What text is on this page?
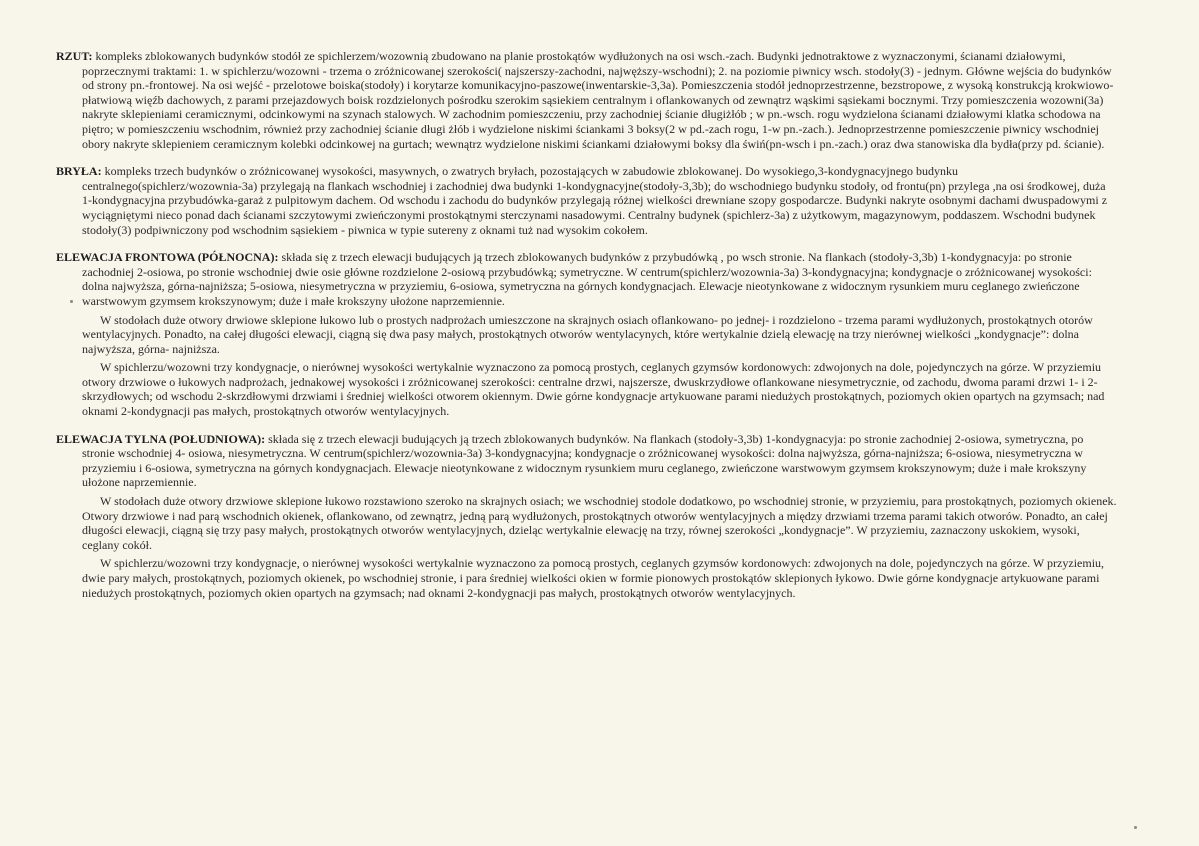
RZUT: kompleks zblokowanych budynków stodół ze spichlerzem/wozownią zbudowano na planie prostokątów wydłużonych na osi wsch.-zach. Budynki jednotraktowe z wyznaczonymi, ścianami działowymi, poprzecznymi traktami: 1. w spichlerzu/wozowni - trzema o zróżnicowanej szerokości( najszerszy-zachodni, najwęższy-wschodni); 2. na poziomie piwnicy wsch. stodoły(3) - jednym. Główne wejścia do budynków od strony pn.-frontowej. Na osi wejść - przelotowe boiska(stodoły) i korytarze komunikacyjno-paszowe(inwentarskie-3,3a). Pomieszczenia stodół jednoprzestrzenne, bezstropowe, z wysoką konstrukcją krokwiowo-płatwiową więźb dachowych, z parami przejazdowych boisk rozdzielonych pośrodku szerokim sąsiekiem centralnym i oflankowanych od zewnątrz wąskimi sąsiekami bocznymi. Trzy pomieszczenia wozowni(3a) nakryte sklepieniami ceramicznymi, odcinkowymi na szynach stalowych. W zachodnim pomieszczeniu, przy zachodniej ścianie długiżłób ; w pn.-wsch. rogu wydzielona ścianami działowymi klatka schodowa na piętro; w pomieszczeniu wschodnim, również przy zachodniej ścianie długi żłób i wydzielone niskimi ściankami 3 boksy(2 w pd.-zach rogu, 1-w pn.-zach.). Jednoprzestrzenne pomieszczenie piwnicy wschodniej obory nakryte sklepieniem ceramicznym kolebki odcinkowej na gurtach; wewnątrz wydzielone niskimi ściankami działowymi boksy dla świń(pn-wsch i pn.-zach.) oraz dwa stanowiska dla bydła(przy pd. ścianie).

BRYŁA: kompleks trzech budynków o zróżnicowanej wysokości, masywnych, o zwatrych bryłach, pozostających w zabudowie zblokowanej. Do wysokiego,3-kondygnacyjnego budynku centralnego(spichlerz/wozownia-3a) przylegają na flankach wschodniej i zachodniej dwa budynki 1-kondygnacyjne(stodoły-3,3b); do wschodniego budynku stodoły, od frontu(pn) przylega ,na osi środkowej, duża 1-kondygnacyjna przybudówka-garaż z pulpitowym dachem. Od wschodu i zachodu do budynków przylegają różnej wielkości drewniane szopy gospodarcze. Budynki nakryte osobnymi dachami dwuspadowymi z wyciągniętymi nieco ponad dach ścianami szczytowymi zwieńczonymi prostokątnymi sterczynami nasadowymi. Centralny budynek (spichlerz-3a) z użytkowym, magazynowym, poddaszem. Wschodni budynek stodoły(3) podpiwniczony pod wschodnim sąsiekiem - piwnica w typie sutereny z oknami tuż nad wysokim cokołem.

ELEWACJA FRONTOWA (PÓŁNOCNA): składa się z trzech elewacji budujących ją trzech zblokowanych budynków z przybudówką , po wsch stronie. Na flankach (stodoły-3,3b) 1-kondygnacyja: po stronie zachodniej 2-osiowa, po stronie wschodniej dwie osie główne rozdzielone 2-osiową przybudówką; symetryczne. W centrum(spichlerz/wozownia-3a) 3-kondygnacyjna; kondygnacje o zróżnicowanej wysokości: dolna najwyższa, górna-najniższa; 5-osiowa, niesymetryczna w przyziemiu, 6-osiowa, symetryczna na górnych kondygnacjach. Elewacje nieotynkowane z widocznym rysunkiem muru ceglanego zwieńczone warstwowym gzymsem krokszynowym; duże i małe krokszyny ułożone naprzemiennie.

W stodołach duże otwory drwiowe sklepione łukowo lub o prostych nadprożach umieszczone na skrajnych osiach oflankowano- po jednej- i rozdzielono - trzema parami wydłużonych, prostokątnych otorów wentylacyjnych. Ponadto, na całej długości elewacji, ciągną się dwa pasy małych, prostokątnych otworów wentylacynych, które wertykalnie dzielą elewację na trzy nierównej wielkości „kondygnacje”: dolna najwyższa, górna- najniższa.

W spichlerzu/wozowni trzy kondygnacje, o nierównej wysokości wertykalnie wyznaczono za pomocą prostych, ceglanych gzymsów kordonowych: zdwojonych na dole, pojedynczych na górze. W przyziemiu otwory drzwiowe o łukowych nadprożach, jednakowej wysokości i zróżnicowanej szerokości: centralne drzwi, najszersze, dwuskrzydłowe oflankowane niesymetrycznie, od zachodu, dwoma parami drzwi 1- i 2-skrzydłowych; od wschodu 2-skrzdłowymi drzwiami i średniej wielkości otworem okiennym. Dwie górne kondygnacje artykuowane parami niedużych prostokątnych, poziomych okien opartych na gzymsach; nad oknami 2-kondygnacji pas małych, prostokątnych otworów wentylacyjnych.

ELEWACJA TYLNA (POŁUDNIOWA): składa się z trzech elewacji budujących ją trzech zblokowanych budynków. Na flankach (stodoły-3,3b) 1-kondygnacyja: po stronie zachodniej 2-osiowa, symetryczna, po stronie wschodniej 4- osiowa, niesymetryczna. W centrum(spichlerz/wozownia-3a) 3-kondygnacyjna; kondygnacje o zróżnicowanej wysokości: dolna najwyższa, górna-najniższa; 6-osiowa, niesymetryczna w przyziemiu i 6-osiowa, symetryczna na górnych kondygnacjach. Elewacje nieotynkowane z widocznym rysunkiem muru ceglanego, zwieńczone warstwowym gzymsem krokszynowym; duże i małe krokszyny ułożone naprzemiennie.

W stodołach duże otwory drzwiowe sklepione łukowo rozstawiono szeroko na skrajnych osiach; we wschodniej stodole dodatkowo, po wschodniej stronie, w przyziemiu, para prostokątnych, poziomych okienek. Otwory drzwiowe i nad parą wschodnich okienek, oflankowano, od zewnątrz, jedną parą wydłużonych, prostokątnych otworów wentylacyjnych a między drzwiami trzema parami takich otworów. Ponadto, an całej długości elewacji, ciągną się trzy pasy małych, prostokątnych otworów wentylacyjnych, dzieląc wertykalnie elewację na trzy, równej szerokości „kondygnacje”. W przyziemiu, zaznaczony uskokiem, wysoki, ceglany cokół.

W spichlerzu/wozowni trzy kondygnacje, o nierównej wysokości wertykalnie wyznaczono za pomocą prostych, ceglanych gzymsów kordonowych: zdwojonych na dole, pojedynczych na górze. W przyziemiu, dwie pary małych, prostokątnych, poziomych okienek, po wschodniej stronie, i para średniej wielkości okien w formie pionowych prostokątów sklepionych łykowo. Dwie górne kondygnacje artykuowane parami niedużych prostokątnych, poziomych okien opartych na gzymsach; nad oknami 2-kondygnacji pas małych, prostokątnych otworów wentylacyjnych.
